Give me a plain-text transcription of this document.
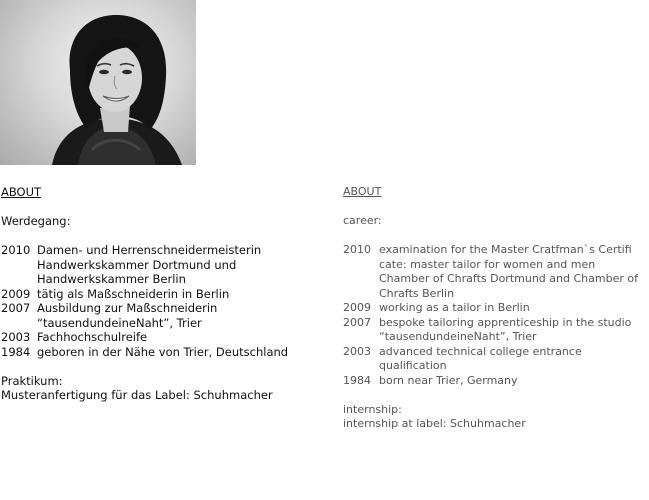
ABOUT

Werdegang:

2010 Damen- und Herrenschneidermeisterin
Handwerkskammer Dortmund und
Handwerkskammer Berlin
2009 tätig als Maßschneiderin in Berlin
2007 Ausbildung zur Maßschneiderin
“tausendundeineNaht”, Trier
2003 Fachhochschulreife
1984 geboren in der Nähe von Trier, Deutschland

Praktikum:

Musteranfertigung für das Label: Schuhmacher

ABOUT

career:

2010 examination for the Master Cratfman`s Certifi
cate: master tailor for women and men
Chamber of Chrafts Dortmund and Chamber of
Chrafts Berlin
2009 working as a tailor in Berlin
2007 bespoke tailoring apprenticeship in the studio
“tausendundeineNaht”, Trier
2003 advanced technical college entrance qualification
1984 born near Trier, Germany

internship:

internship at label: Schuhmacher
